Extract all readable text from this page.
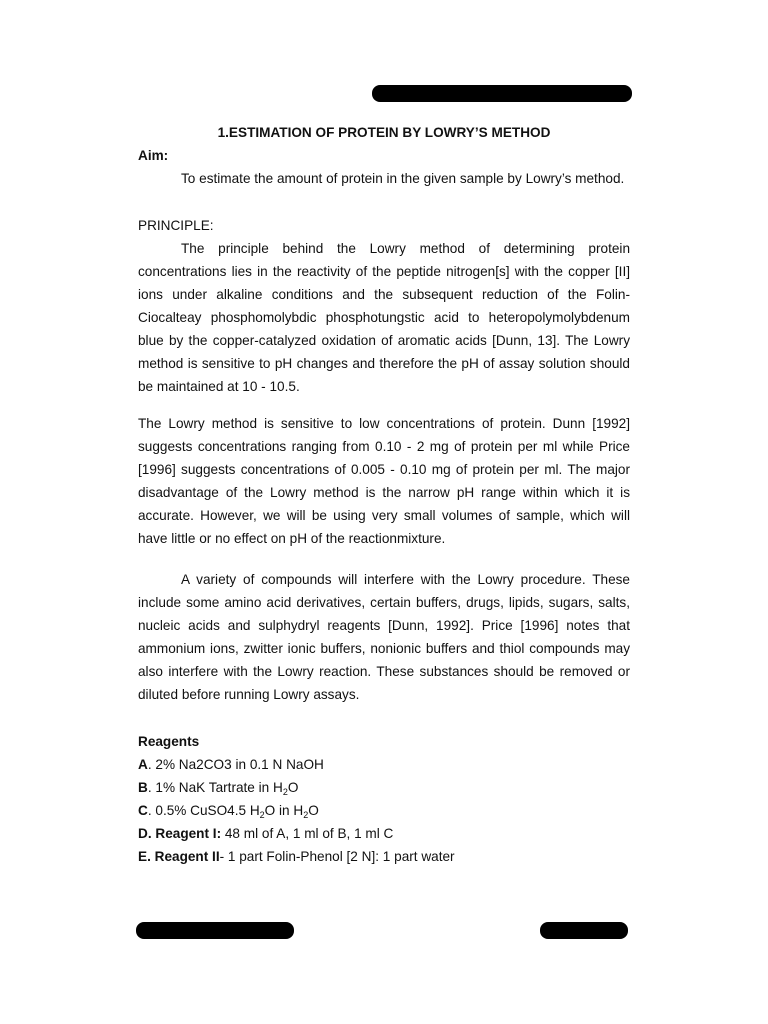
1.ESTIMATION OF PROTEIN BY LOWRY’S METHOD

Aim:

To estimate the amount of protein in the given sample by Lowry’s method.

PRINCIPLE:

The principle behind the Lowry method of determining protein concentrations lies in the reactivity of the peptide nitrogen[s] with the copper [II] ions under alkaline conditions and the subsequent reduction of the Folin-Ciocalteay phosphomolybdic phosphotungstic acid to heteropolymolybdenum blue by the copper-catalyzed oxidation of aromatic acids [Dunn, 13]. The Lowry method is sensitive to pH changes and therefore the pH of assay solution should be maintained at 10 - 10.5.

The Lowry method is sensitive to low concentrations of protein. Dunn [1992] suggests concentrations ranging from 0.10 - 2 mg of protein per ml while Price [1996] suggests concentrations of 0.005 - 0.10 mg of protein per ml. The major disadvantage of the Lowry method is the narrow pH range within which it is accurate. However, we will be using very small volumes of sample, which will have little or no effect on pH of the reactionmixture.

A variety of compounds will interfere with the Lowry procedure. These include some amino acid derivatives, certain buffers, drugs, lipids, sugars, salts, nucleic acids and sulphydryl reagents [Dunn, 1992]. Price [1996] notes that ammonium ions, zwitter ionic buffers, nonionic buffers and thiol compounds may also interfere with the Lowry reaction. These substances should be removed or diluted before running Lowry assays.

Reagents

A. 2% Na2CO3 in 0.1 N NaOH

B. 1% NaK Tartrate in $H_2O$

C. 0.5% CuSO4.5 $H_2O$ in $H_2O$

D. Reagent I: 48 ml of A, 1 ml of B, 1 ml C

E. Reagent II- 1 part Folin-Phenol [2 N]: 1 part water
